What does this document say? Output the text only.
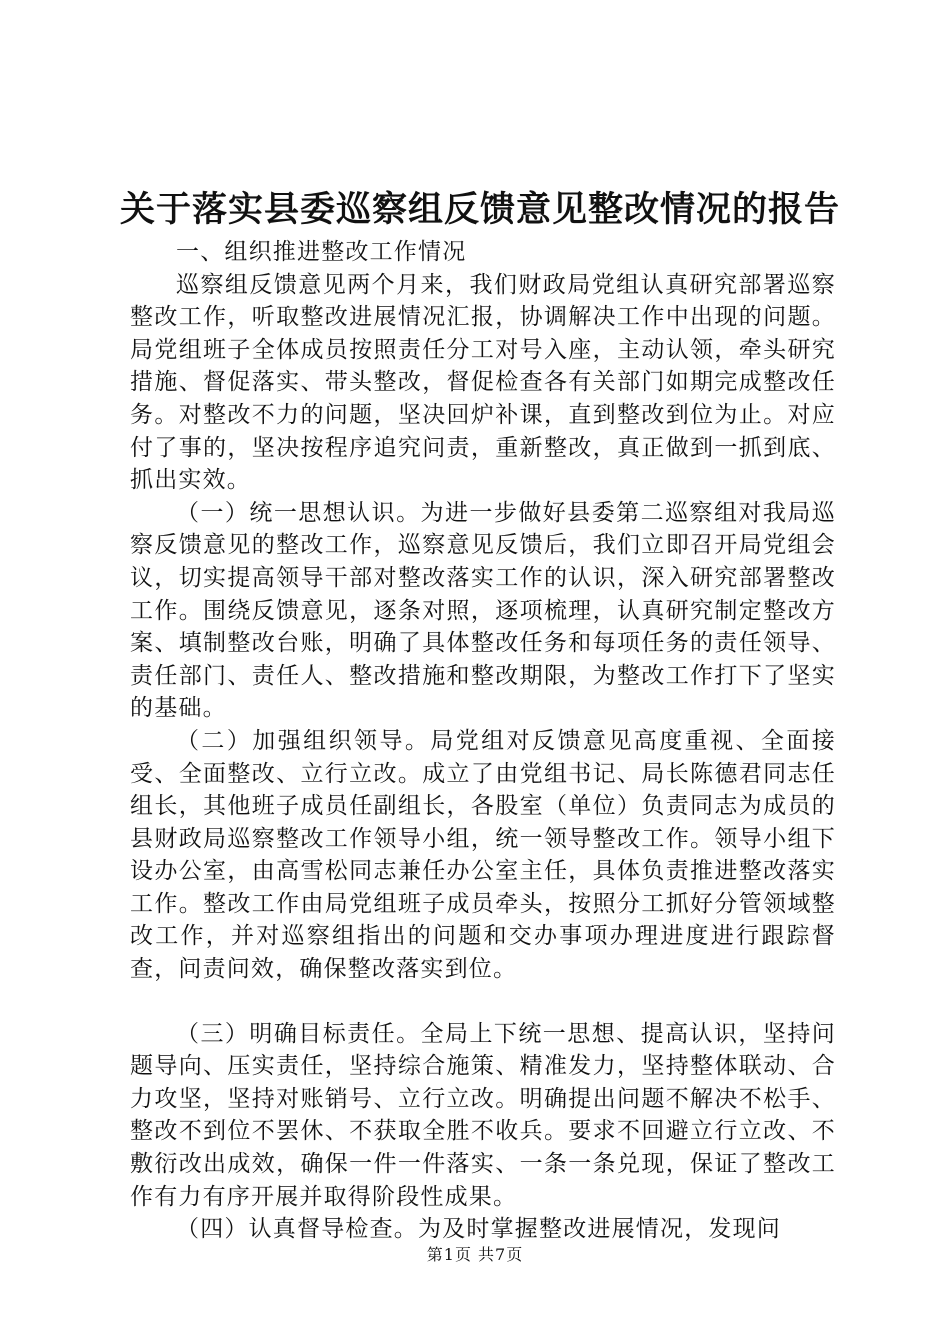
关于落实县委巡察组反馈意见整改情况的报告

一、组织推进整改工作情况

巡察组反馈意见两个月来，我们财政局党组认真研究部署巡察整改工作，听取整改进展情况汇报，协调解决工作中出现的问题。局党组班子全体成员按照责任分工对号入座，主动认领，牵头研究措施、督促落实、带头整改，督促检查各有关部门如期完成整改任务。对整改不力的问题，坚决回炉补课，直到整改到位为止。对应付了事的，坚决按程序追究问责，重新整改，真正做到一抓到底、抓出实效。

（一）统一思想认识。为进一步做好县委第二巡察组对我局巡察反馈意见的整改工作，巡察意见反馈后，我们立即召开局党组会议，切实提高领导干部对整改落实工作的认识，深入研究部署整改工作。围绕反馈意见，逐条对照，逐项梳理，认真研究制定整改方案、填制整改台账，明确了具体整改任务和每项任务的责任领导、责任部门、责任人、整改措施和整改期限，为整改工作打下了坚实的基础。

（二）加强组织领导。局党组对反馈意见高度重视、全面接受、全面整改、立行立改。成立了由党组书记、局长陈德君同志任组长，其他班子成员任副组长，各股室（单位）负责同志为成员的县财政局巡察整改工作领导小组，统一领导整改工作。领导小组下设办公室，由高雪松同志兼任办公室主任，具体负责推进整改落实工作。整改工作由局党组班子成员牵头，按照分工抓好分管领域整改工作，并对巡察组指出的问题和交办事项办理进度进行跟踪督查，问责问效，确保整改落实到位。

（三）明确目标责任。全局上下统一思想、提高认识，坚持问题导向、压实责任，坚持综合施策、精准发力，坚持整体联动、合力攻坚，坚持对账销号、立行立改。明确提出问题不解决不松手、整改不到位不罢休、不获取全胜不收兵。要求不回避立行立改、不敷衍改出成效，确保一件一件落实、一条一条兑现，保证了整改工作有力有序开展并取得阶段性成果。

（四）认真督导检查。为及时掌握整改进展情况，发现问

第1页 共7页
